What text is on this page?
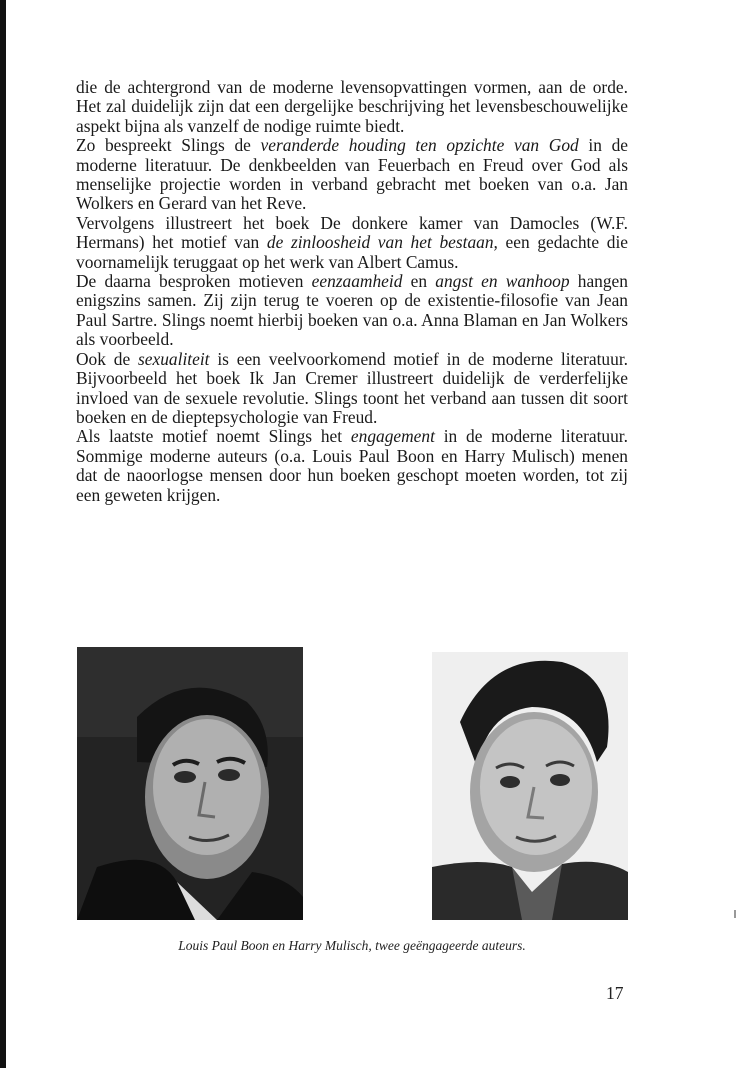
die de achtergrond van de moderne levensopvattingen vormen, aan de orde. Het zal duidelijk zijn dat een dergelijke beschrijving het levensbeschouwelijke aspekt bijna als vanzelf de nodige ruimte biedt.

Zo bespreekt Slings de veranderde houding ten opzichte van God in de moderne literatuur. De denkbeelden van Feuerbach en Freud over God als menselijke projectie worden in verband gebracht met boeken van o.a. Jan Wolkers en Gerard van het Reve.

Vervolgens illustreert het boek De donkere kamer van Damocles (W.F. Hermans) het motief van de zinloosheid van het bestaan, een gedachte die voornamelijk teruggaat op het werk van Albert Camus.

De daarna besproken motieven eenzaamheid en angst en wanhoop hangen enigszins samen. Zij zijn terug te voeren op de existentie-filosofie van Jean Paul Sartre. Slings noemt hierbij boeken van o.a. Anna Blaman en Jan Wolkers als voorbeeld.

Ook de sexualiteit is een veelvoorkomend motief in de moderne literatuur. Bijvoorbeeld het boek Ik Jan Cremer illustreert duidelijk de verderfelijke invloed van de sexuele revolutie. Slings toont het verband aan tussen dit soort boeken en de dieptepsychologie van Freud.

Als laatste motief noemt Slings het engagement in de moderne literatuur. Sommige moderne auteurs (o.a. Louis Paul Boon en Harry Mulisch) menen dat de naoorlogse mensen door hun boeken geschopt moeten worden, tot zij een geweten krijgen.

Louis Paul Boon en Harry Mulisch, twee geëngageerde auteurs.
17
